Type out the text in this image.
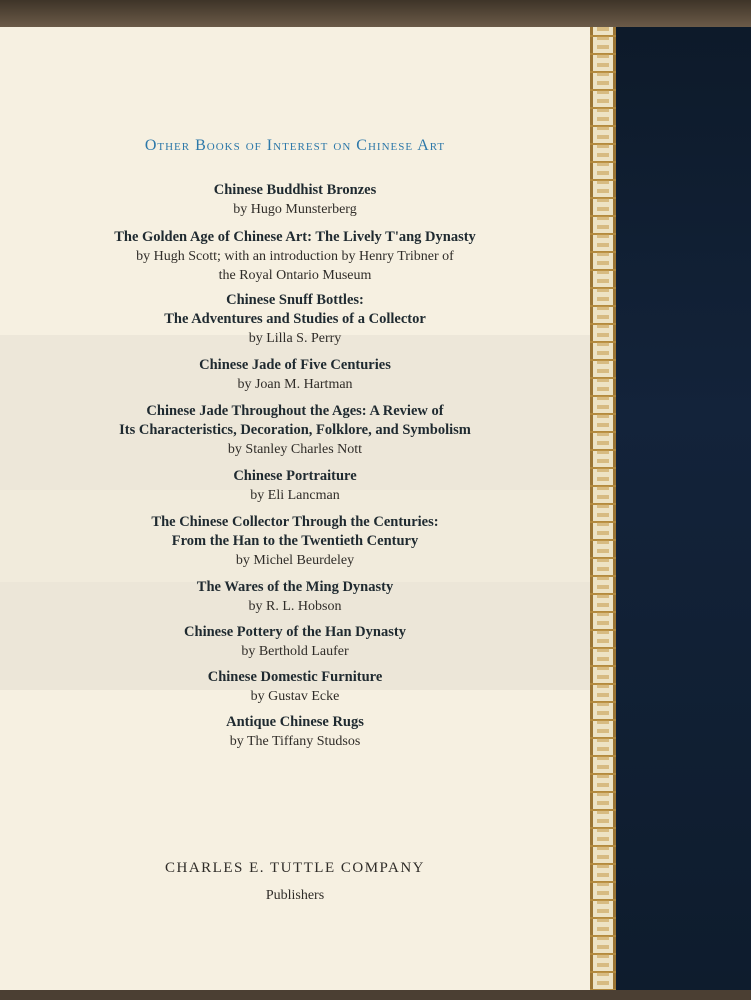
Other Books of Interest on Chinese Art
Chinese Buddhist Bronzes
by Hugo Munsterberg
The Golden Age of Chinese Art: The Lively T'ang Dynasty
by Hugh Scott; with an introduction by Henry Tribner of
the Royal Ontario Museum
Chinese Snuff Bottles:
The Adventures and Studies of a Collector
by Lilla S. Perry
Chinese Jade of Five Centuries
by Joan M. Hartman
Chinese Jade Throughout the Ages: A Review of
Its Characteristics, Decoration, Folklore, and Symbolism
by Stanley Charles Nott
Chinese Portraiture
by Eli Lancman
The Chinese Collector Through the Centuries:
From the Han to the Twentieth Century
by Michel Beurdeley
The Wares of the Ming Dynasty
by R. L. Hobson
Chinese Pottery of the Han Dynasty
by Berthold Laufer
Chinese Domestic Furniture
by Gustav Ecke
Antique Chinese Rugs
by The Tiffany Studsos
CHARLES E. TUTTLE COMPANY
Publishers
